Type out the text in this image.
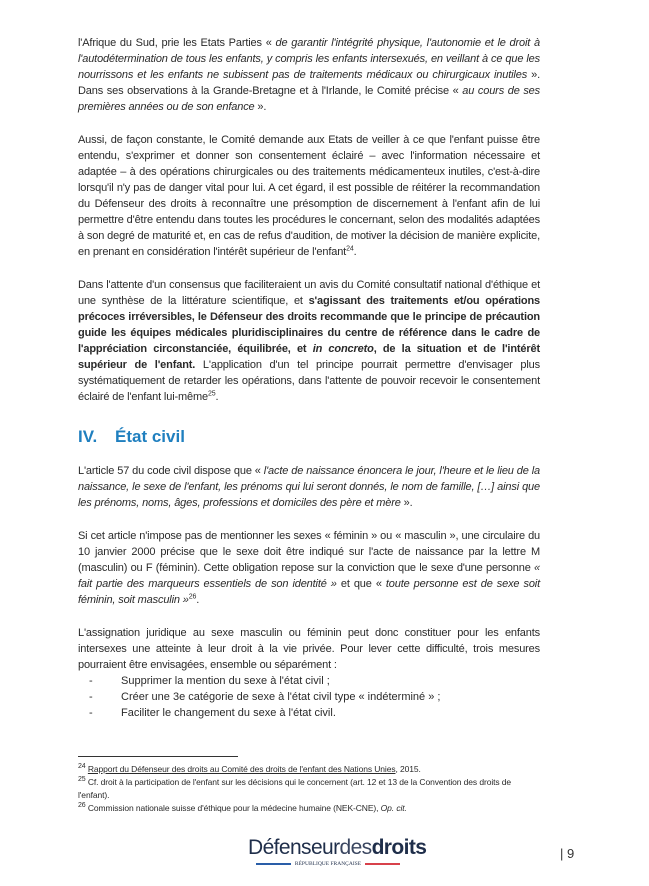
l'Afrique du Sud, prie les Etats Parties « de garantir l'intégrité physique, l'autonomie et le droit à l'autodétermination de tous les enfants, y compris les enfants intersexués, en veillant à ce que les nourrissons et les enfants ne subissent pas de traitements médicaux ou chirurgicaux inutiles ». Dans ses observations à la Grande-Bretagne et à l'Irlande, le Comité précise « au cours de ses premières années ou de son enfance ».

Aussi, de façon constante, le Comité demande aux Etats de veiller à ce que l'enfant puisse être entendu, s'exprimer et donner son consentement éclairé – avec l'information nécessaire et adaptée – à des opérations chirurgicales ou des traitements médicamenteux inutiles, c'est-à-dire lorsqu'il n'y pas de danger vital pour lui. A cet égard, il est possible de réitérer la recommandation du Défenseur des droits à reconnaître une présomption de discernement à l'enfant afin de lui permettre d'être entendu dans toutes les procédures le concernant, selon des modalités adaptées à son degré de maturité et, en cas de refus d'audition, de motiver la décision de manière explicite, en prenant en considération l'intérêt supérieur de l'enfant$^{24}$.

Dans l'attente d'un consensus que faciliteraient un avis du Comité consultatif national d'éthique et une synthèse de la littérature scientifique, et s'agissant des traitements et/ou opérations précoces irréversibles, le Défenseur des droits recommande que le principe de précaution guide les équipes médicales pluridisciplinaires du centre de référence dans le cadre de l'appréciation circonstanciée, équilibrée, et in concreto, de la situation et de l'intérêt supérieur de l'enfant. L'application d'un tel principe pourrait permettre d'envisager plus systématiquement de retarder les opérations, dans l'attente de pouvoir recevoir le consentement éclairé de l'enfant lui-même$^{25}$.

IV.	État civil

L'article 57 du code civil dispose que « l'acte de naissance énoncera le jour, l'heure et le lieu de la naissance, le sexe de l'enfant, les prénoms qui lui seront donnés, le nom de famille, […] ainsi que les prénoms, noms, âges, professions et domiciles des père et mère ».

Si cet article n'impose pas de mentionner les sexes « féminin » ou « masculin », une circulaire du 10 janvier 2000 précise que le sexe doit être indiqué sur l'acte de naissance par la lettre M (masculin) ou F (féminin). Cette obligation repose sur la conviction que le sexe d'une personne « fait partie des marqueurs essentiels de son identité » et que « toute personne est de sexe soit féminin, soit masculin »$^{26}$.

L'assignation juridique au sexe masculin ou féminin peut donc constituer pour les enfants intersexes une atteinte à leur droit à la vie privée. Pour lever cette difficulté, trois mesures pourraient être envisagées, ensemble ou séparément :

-	Supprimer la mention du sexe à l'état civil ;
-	Créer une 3e catégorie de sexe à l'état civil type « indéterminé » ;
-	Faciliter le changement du sexe à l'état civil.

$^{24}$ Rapport du Défenseur des droits au Comité des droits de l'enfant des Nations Unies, 2015.

$^{25}$ Cf. droit à la participation de l'enfant sur les décisions qui le concernent (art. 12 et 13 de la Convention des droits de l'enfant).

$^{26}$ Commission nationale suisse d'éthique pour la médecine humaine (NEK-CNE), Op. cit.

Défenseurdesdroits
RÉPUBLIQUE FRANÇAISE
| 9
